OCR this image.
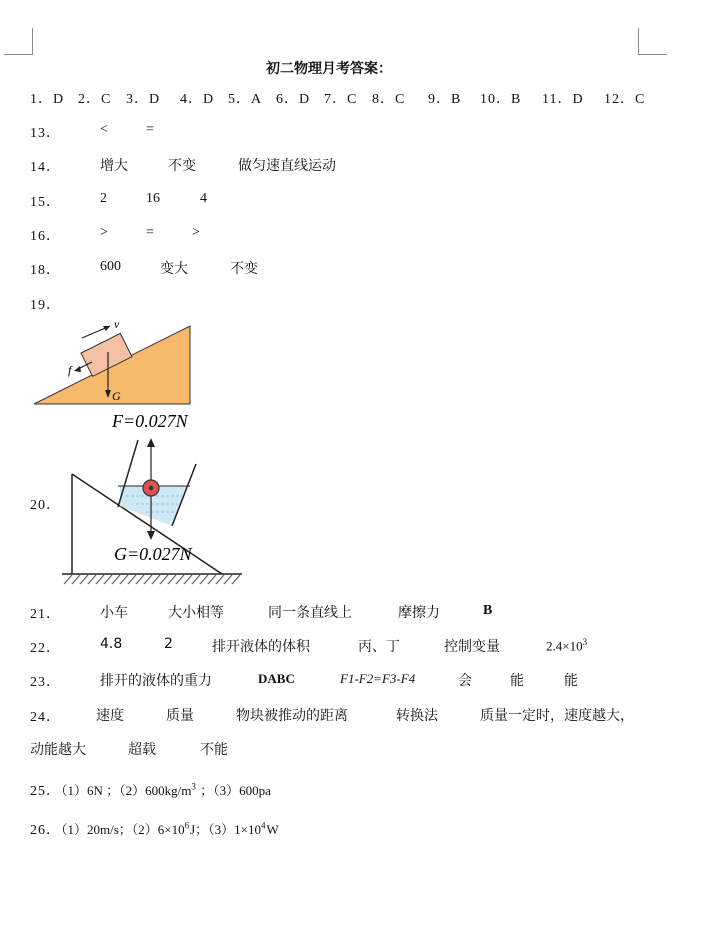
初二物理月考答案：
1．D 2．C 3．D 4．D 5．A 6．D 7．C 8．C 9．B 10．B 11．D 12．C
13．	<	=
14．	增大	不变	做匀速直线运动
15．	2	16	4
16．	>	=	>
18．	600	变大	不变
19．
v
f
G
F=0.027N
20．
G=0.027N
21．	小车	大小相等	同一条直线上	摩擦力	B
22．	4.8	2	排开液体的体积	丙、丁	控制变量	$2.4\times 10^3$
23．	排开的液体的重力	DABC	F1-F2=F3-F4	会	能	能
24．	速度	质量	物块被推动的距离	转换法	质量一定时，速度越大，
动能越大	超载	不能
25．（1）6N ；$(2)600kg/m^3$ ；（3）600pa
26．（1）20m/s；$(2)6\times 10^6J$；$(3)1\times 10^4W$
